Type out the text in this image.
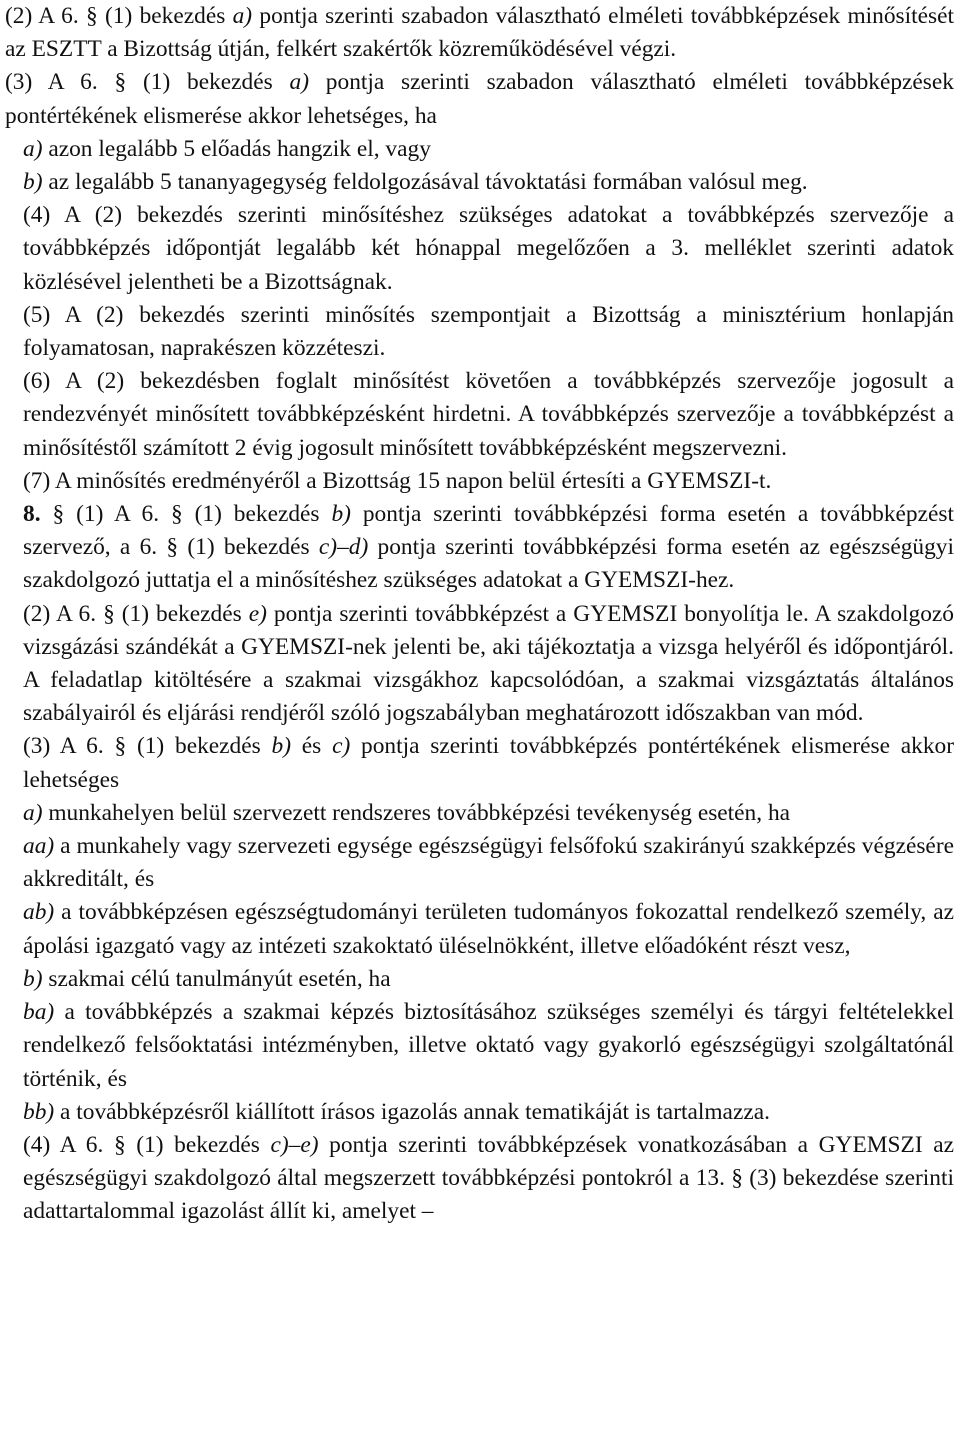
(2) A 6. § (1) bekezdés a) pontja szerinti szabadon választható elméleti továbbképzések minősítését az ESZTT a Bizottság útján, felkért szakértők közreműködésével végzi.

(3) A 6. § (1) bekezdés a) pontja szerinti szabadon választható elméleti továbbképzések pontértékének elismerése akkor lehetséges, ha

a) azon legalább 5 előadás hangzik el, vagy

b) az legalább 5 tananyagegység feldolgozásával távoktatási formában valósul meg.

(4) A (2) bekezdés szerinti minősítéshez szükséges adatokat a továbbképzés szervezője a továbbképzés időpontját legalább két hónappal megelőzően a 3. melléklet szerinti adatok közlésével jelentheti be a Bizottságnak.

(5) A (2) bekezdés szerinti minősítés szempontjait a Bizottság a minisztérium honlapján folyamatosan, naprakészen közzéteszi.

(6) A (2) bekezdésben foglalt minősítést követően a továbbképzés szervezője jogosult a rendezvényét minősített továbbképzésként hirdetni. A továbbképzés szervezője a továbbképzést a minősítéstől számított 2 évig jogosult minősített továbbképzésként megszervezni.

(7) A minősítés eredményéről a Bizottság 15 napon belül értesíti a GYEMSZI-t.

8. § (1) A 6. § (1) bekezdés b) pontja szerinti továbbképzési forma esetén a továbbképzést szervező, a 6. § (1) bekezdés c)–d) pontja szerinti továbbképzési forma esetén az egészségügyi szakdolgozó juttatja el a minősítéshez szükséges adatokat a GYEMSZI-hez.

(2) A 6. § (1) bekezdés e) pontja szerinti továbbképzést a GYEMSZI bonyolítja le. A szakdolgozó vizsgázási szándékát a GYEMSZI-nek jelenti be, aki tájékoztatja a vizsga helyéről és időpontjáról. A feladatlap kitöltésére a szakmai vizsgákhoz kapcsolódóan, a szakmai vizsgáztatás általános szabályairól és eljárási rendjéről szóló jogszabályban meghatározott időszakban van mód.

(3) A 6. § (1) bekezdés b) és c) pontja szerinti továbbképzés pontértékének elismerése akkor lehetséges

a) munkahelyen belül szervezett rendszeres továbbképzési tevékenység esetén, ha

aa) a munkahely vagy szervezeti egysége egészségügyi felsőfokú szakirányú szakképzés végzésére akkreditált, és

ab) a továbbképzésen egészségtudományi területen tudományos fokozattal rendelkező személy, az ápolási igazgató vagy az intézeti szakoktató üléselnökként, illetve előadóként részt vesz,

b) szakmai célú tanulmányút esetén, ha

ba) a továbbképzés a szakmai képzés biztosításához szükséges személyi és tárgyi feltételekkel rendelkező felsőoktatási intézményben, illetve oktató vagy gyakorló egészségügyi szolgáltatónál történik, és

bb) a továbbképzésről kiállított írásos igazolás annak tematikáját is tartalmazza.

(4) A 6. § (1) bekezdés c)–e) pontja szerinti továbbképzések vonatkozásában a GYEMSZI az egészségügyi szakdolgozó által megszerzett továbbképzési pontokról a 13. § (3) bekezdése szerinti adattartalommal igazolást állít ki, amelyet –
